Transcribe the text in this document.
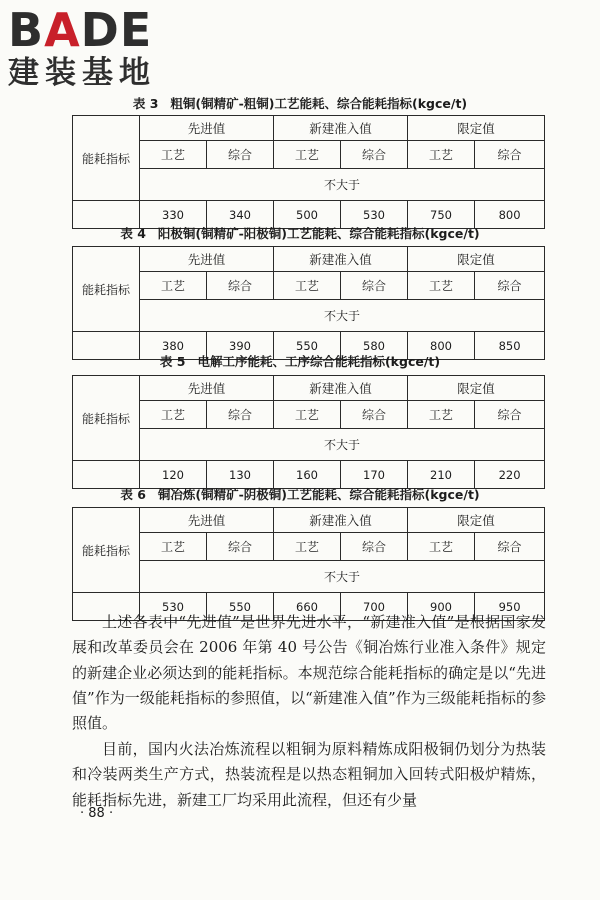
B A DE
建装基地
表 3 粗铜(铜精矿-粗铜)工艺能耗、综合能耗指标(kgce/t)
能耗指标	先进值		新建准入值		限定值	
	工艺	综合	工艺	综合	工艺	综合
	不大于					
	330	340	500	530	750	800
表 4 阳极铜(铜精矿-阳极铜)工艺能耗、综合能耗指标(kgce/t)
能耗指标	先进值		新建准入值		限定值	
	工艺	综合	工艺	综合	工艺	综合
	不大于					
	380	390	550	580	800	850
表 5 电解工序能耗、工序综合能耗指标(kgce/t)
能耗指标	先进值		新建准入值		限定值	
	工艺	综合	工艺	综合	工艺	综合
	不大于					
	120	130	160	170	210	220
表 6 铜冶炼(铜精矿-阴极铜)工艺能耗、综合能耗指标(kgce/t)
能耗指标	先进值		新建准入值		限定值	
	工艺	综合	工艺	综合	工艺	综合
	不大于					
	530	550	660	700	900	950

上述各表中“先进值”是世界先进水平，“新建准入值”是根据国家发展和改革委员会在 2006 年第 40 号公告《铜冶炼行业准入条件》规定的新建企业必须达到的能耗指标。本规范综合能耗指标的确定是以“先进值”作为一级能耗指标的参照值，以“新建准入值”作为三级能耗指标的参照值。

目前，国内火法冶炼流程以粗铜为原料精炼成阳极铜仍划分为热装和冷装两类生产方式，热装流程是以热态粗铜加入回转式阳极炉精炼，能耗指标先进，新建工厂均采用此流程，但还有少量

· 88 ·
